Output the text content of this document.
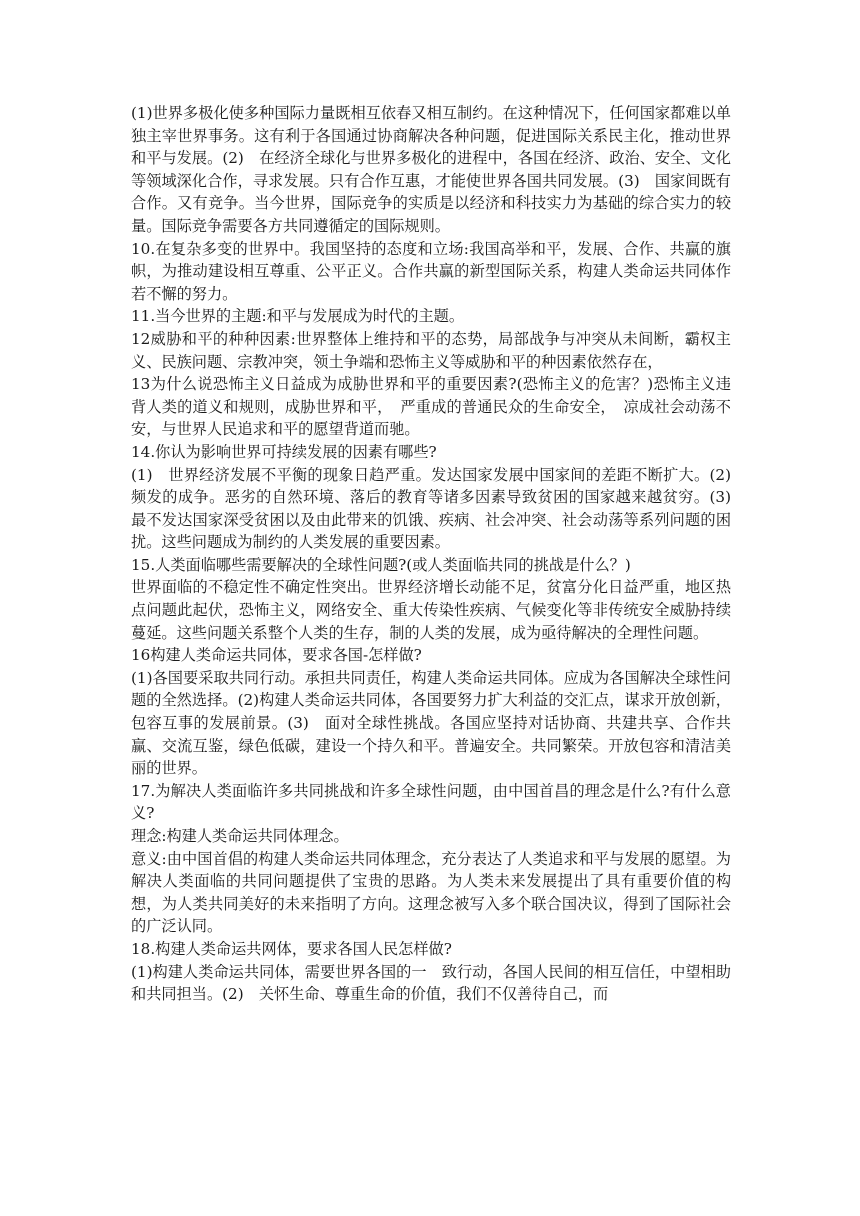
(1)世界多极化使多种国际力量既相互依春又相互制约。在这种情况下，任何国家都难以单独主宰世界事务。这有利于各国通过协商解决各种问题，促进国际关系民主化，推动世界和平与发展。(2)　在经济全球化与世界多极化的进程中，各国在经济、政治、安全、文化等领域深化合作，寻求发展。只有合作互惠，才能使世界各国共同发展。(3)　国家间既有合作。又有竞争。当今世界，国际竞争的实质是以经济和科技实力为基础的综合实力的较量。国际竞争需要各方共同遵循定的国际规则。

10.在复杂多变的世界中。我国坚持的态度和立场:我国高举和平，发展、合作、共赢的旗帜，为推动建设相互尊重、公平正义。合作共赢的新型国际关系，构建人类命运共同体作若不懈的努力。

11.当今世界的主题:和平与发展成为时代的主题。

12威胁和平的种种因素:世界整体上维持和平的态势，局部战争与冲突从未间断，霸权主义、民族问题、宗教冲突，领土争端和恐怖主义等威胁和平的种因素依然存在，

13为什么说恐怖主义日益成为成胁世界和平的重要因素?(恐怖主义的危害？)恐怖主义违背人类的道义和规则，成胁世界和平，　严重成的普通民众的生命安全，　凉成社会动荡不安，与世界人民追求和平的愿望背道而驰。

14.你认为影响世界可持续发展的因素有哪些?

(1)　世界经济发展不平衡的现象日趋严重。发达国家发展中国家间的差距不断扩大。(2)　频发的成争。恶劣的自然环境、落后的教育等诸多因素导致贫困的国家越来越贫穷。(3)　最不发达国家深受贫困以及由此带来的饥饿、疾病、社会冲突、社会动荡等系列问题的困扰。这些问题成为制约的人类发展的重要因素。

15.人类面临哪些需要解决的全球性问题?(或人类面临共同的挑战是什么？)

世界面临的不稳定性不确定性突出。世界经济增长动能不足，贫富分化日益严重，地区热点问题此起伏，恐怖主义，网络安全、重大传染性疾病、气候变化等非传统安全威胁持续蔓延。这些问题关系整个人类的生存，制的人类的发展，成为亟待解决的全理性问题。

16构建人类命运共同体，要求各国-怎样做?

(1)各国要采取共同行动。承担共同责任，构建人类命运共同体。应成为各国解决全球性问题的全然选择。(2)构建人类命运共同体，各国要努力扩大利益的交汇点，谋求开放创新，包容互事的发展前景。(3)　面对全球性挑战。各国应坚持对话协商、共建共享、合作共赢、交流互鉴，绿色低碳，建设一个持久和平。普遍安全。共同繁荣。开放包容和清洁美丽的世界。

17.为解决人类面临许多共同挑战和许多全球性问题，由中国首昌的理念是什么?有什么意义?

理念:构建人类命运共同体理念。

意义:由中国首倡的构建人类命运共同体理念，充分表达了人类追求和平与发展的愿望。为解决人类面临的共同问题提供了宝贵的思路。为人类未来发展提出了具有重要价值的构想，为人类共同美好的未来指明了方向。这理念被写入多个联合国决议，得到了国际社会的广泛认同。

18.构建人类命运共网体，要求各国人民怎样做?

(1)构建人类命运共同体，需要世界各国的一　致行动，各国人民间的相互信任，中望相助和共同担当。(2)　关怀生命、尊重生命的价值，我们不仅善待自己，而
